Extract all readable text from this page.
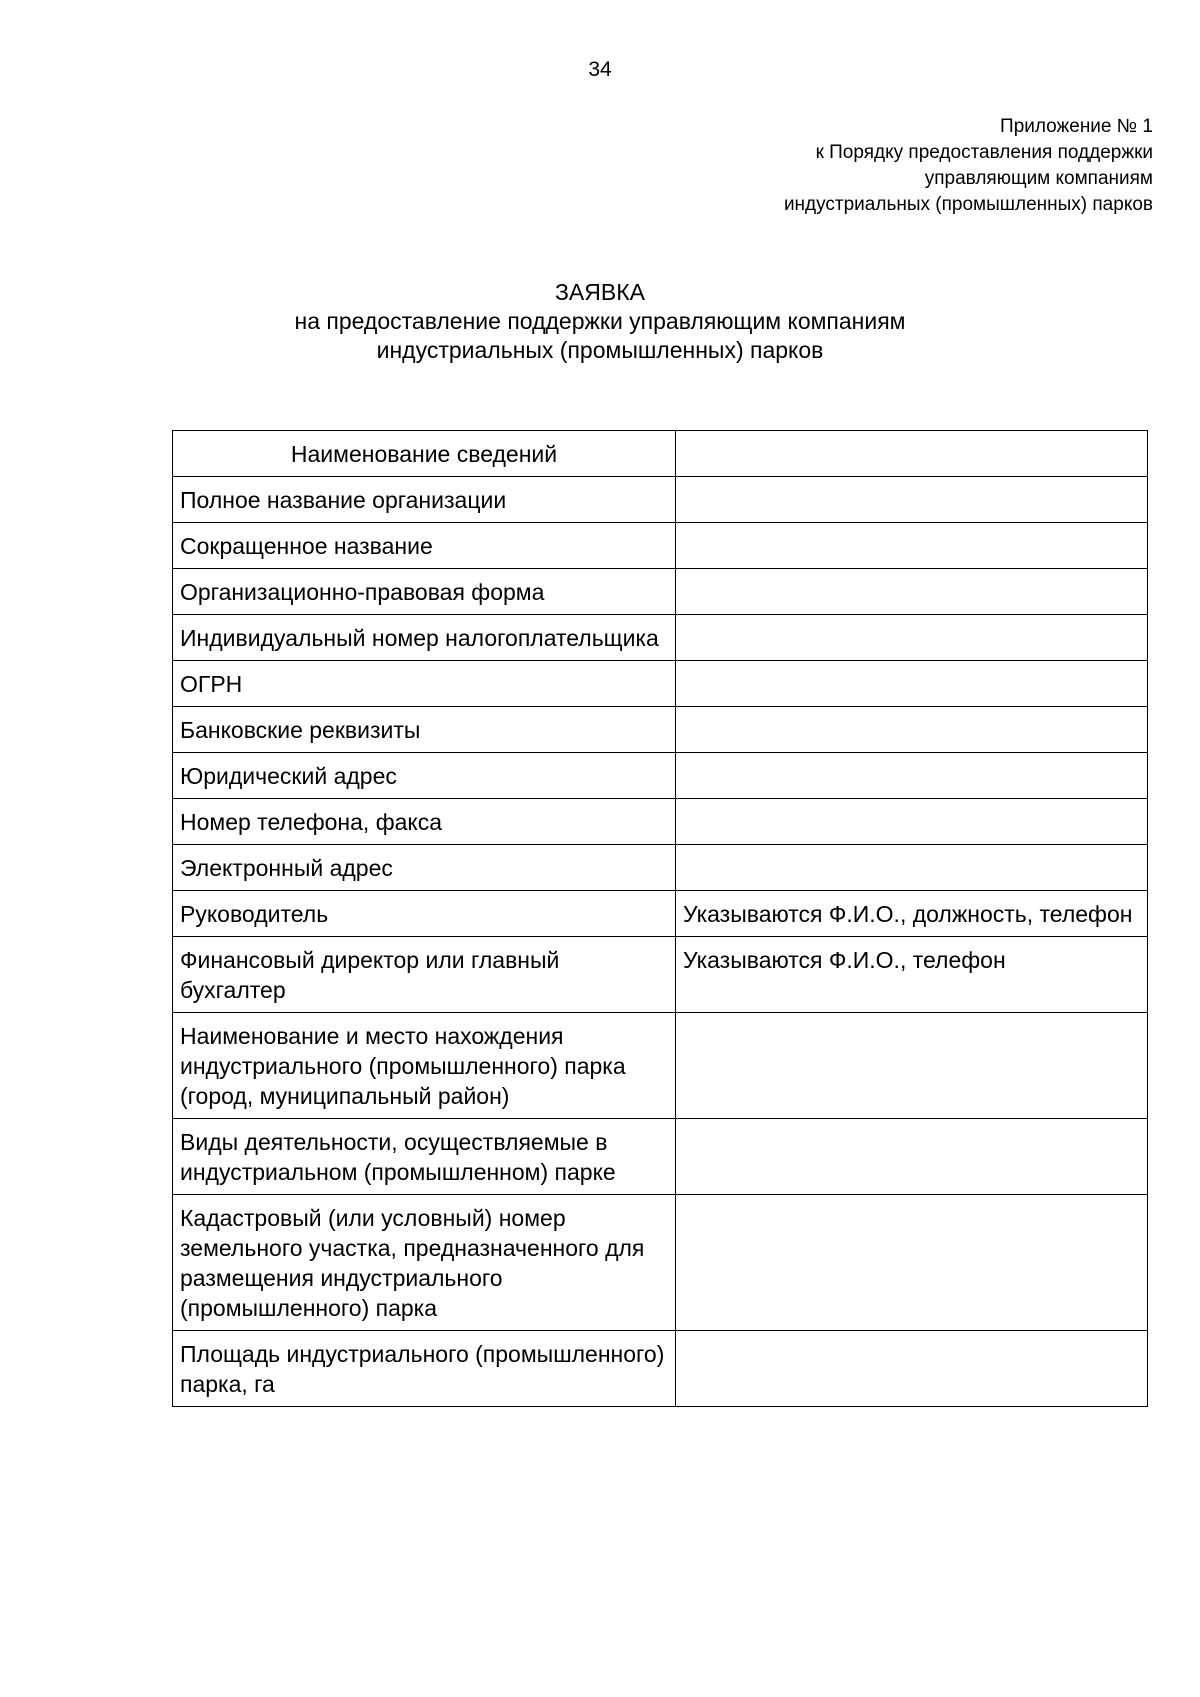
34
Приложение № 1
к Порядку предоставления поддержки
управляющим компаниям
индустриальных (промышленных) парков
ЗАЯВКА
на предоставление поддержки управляющим компаниям
индустриальных (промышленных) парков
Наименование сведений	
Полное название организации	
Сокращенное название	
Организационно-правовая форма	
Индивидуальный номер налогоплательщика	
ОГРН	
Банковские реквизиты	
Юридический адрес	
Номер телефона, факса	
Электронный адрес	
Руководитель	Указываются Ф.И.О., должность, телефон
Финансовый директор или главный бухгалтер	Указываются Ф.И.О., телефон
Наименование и место нахождения индустриального (промышленного) парка (город, муниципальный район)	
Виды деятельности, осуществляемые в индустриальном (промышленном) парке	
Кадастровый (или условный) номер земельного участка, предназначенного для размещения индустриального (промышленного) парка	
Площадь индустриального (промышленного) парка, га	
